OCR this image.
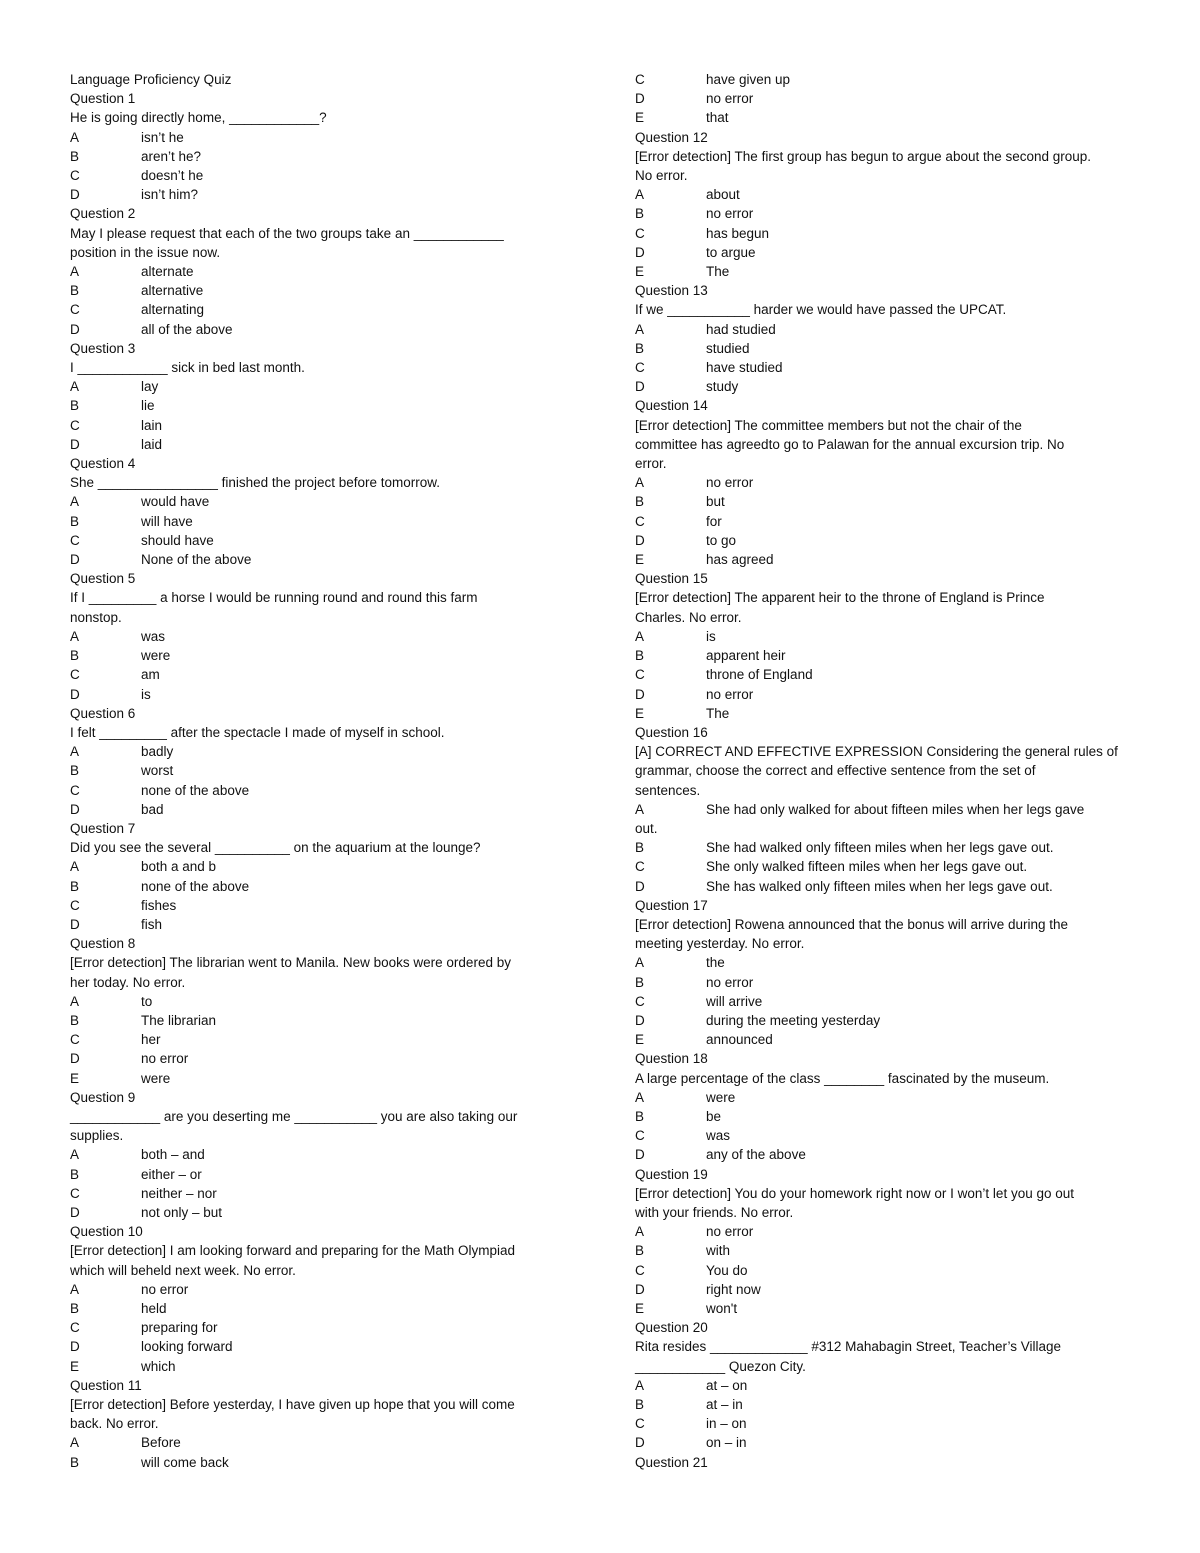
Language Proficiency Quiz
Question 1
He is going directly home, ____________?
A	isn’t he
B	aren’t he?
C	doesn’t he
D	isn’t him?
Question 2
May I please request that each of the two groups take an ____________
position in the issue now.
A	alternate
B	alternative
C	alternating
D	all of the above
Question 3
I ____________ sick in bed last month.
A	lay
B	lie
C	lain
D	laid
Question 4
She ________________ finished the project before tomorrow.
A	would have
B	will have
C	should have
D	None of the above
Question 5
If I _________ a horse I would be running round and round this farm
nonstop.
A	was
B	were
C	am
D	is
Question 6
I felt _________ after the spectacle I made of myself in school.
A	badly
B	worst
C	none of the above
D	bad
Question 7
Did you see the several __________ on the aquarium at the lounge?
A	both a and b
B	none of the above
C	fishes
D	fish
Question 8
[Error detection] The librarian went to Manila. New books were ordered by
her today. No error.
A	to
B	The librarian
C	her
D	no error
E	were
Question 9
____________ are you deserting me ___________ you are also taking our
supplies.
A	both – and
B	either – or
C	neither – nor
D	not only – but
Question 10
[Error detection] I am looking forward and preparing for the Math Olympiad
which will beheld next week. No error.
A	no error
B	held
C	preparing for
D	looking forward
E	which
Question 11
[Error detection] Before yesterday, I have given up hope that you will come
back. No error.
A	Before
B	will come back
C	have given up
D	no error
E	that
Question 12
[Error detection] The first group has begun to argue about the second group.
No error.
A	about
B	no error
C	has begun
D	to argue
E	The
Question 13
If we ___________ harder we would have passed the UPCAT.
A	had studied
B	studied
C	have studied
D	study
Question 14
[Error detection] The committee members but not the chair of the
committee has agreedto go to Palawan for the annual excursion trip. No
error.
A	no error
B	but
C	for
D	to go
E	has agreed
Question 15
[Error detection] The apparent heir to the throne of England is Prince
Charles. No error.
A	is
B	apparent heir
C	throne of England
D	no error
E	The
Question 16
[A] CORRECT AND EFFECTIVE EXPRESSION Considering the general rules of
grammar, choose the correct and effective sentence from the set of
sentences.
A	She had only walked for about fifteen miles when her legs gave
out.
B	She had walked only fifteen miles when her legs gave out.
C	She only walked fifteen miles when her legs gave out.
D	She has walked only fifteen miles when her legs gave out.
Question 17
[Error detection] Rowena announced that the bonus will arrive during the
meeting yesterday. No error.
A	the
B	no error
C	will arrive
D	during the meeting yesterday
E	announced
Question 18
A large percentage of the class ________ fascinated by the museum.
A	were
B	be
C	was
D	any of the above
Question 19
[Error detection] You do your homework right now or I won’t let you go out
with your friends. No error.
A	no error
B	with
C	You do
D	right now
E	won't
Question 20
Rita resides _____________ #312 Mahabagin Street, Teacher’s Village
____________ Quezon City.
A	at – on
B	at – in
C	in – on
D	on – in
Question 21
